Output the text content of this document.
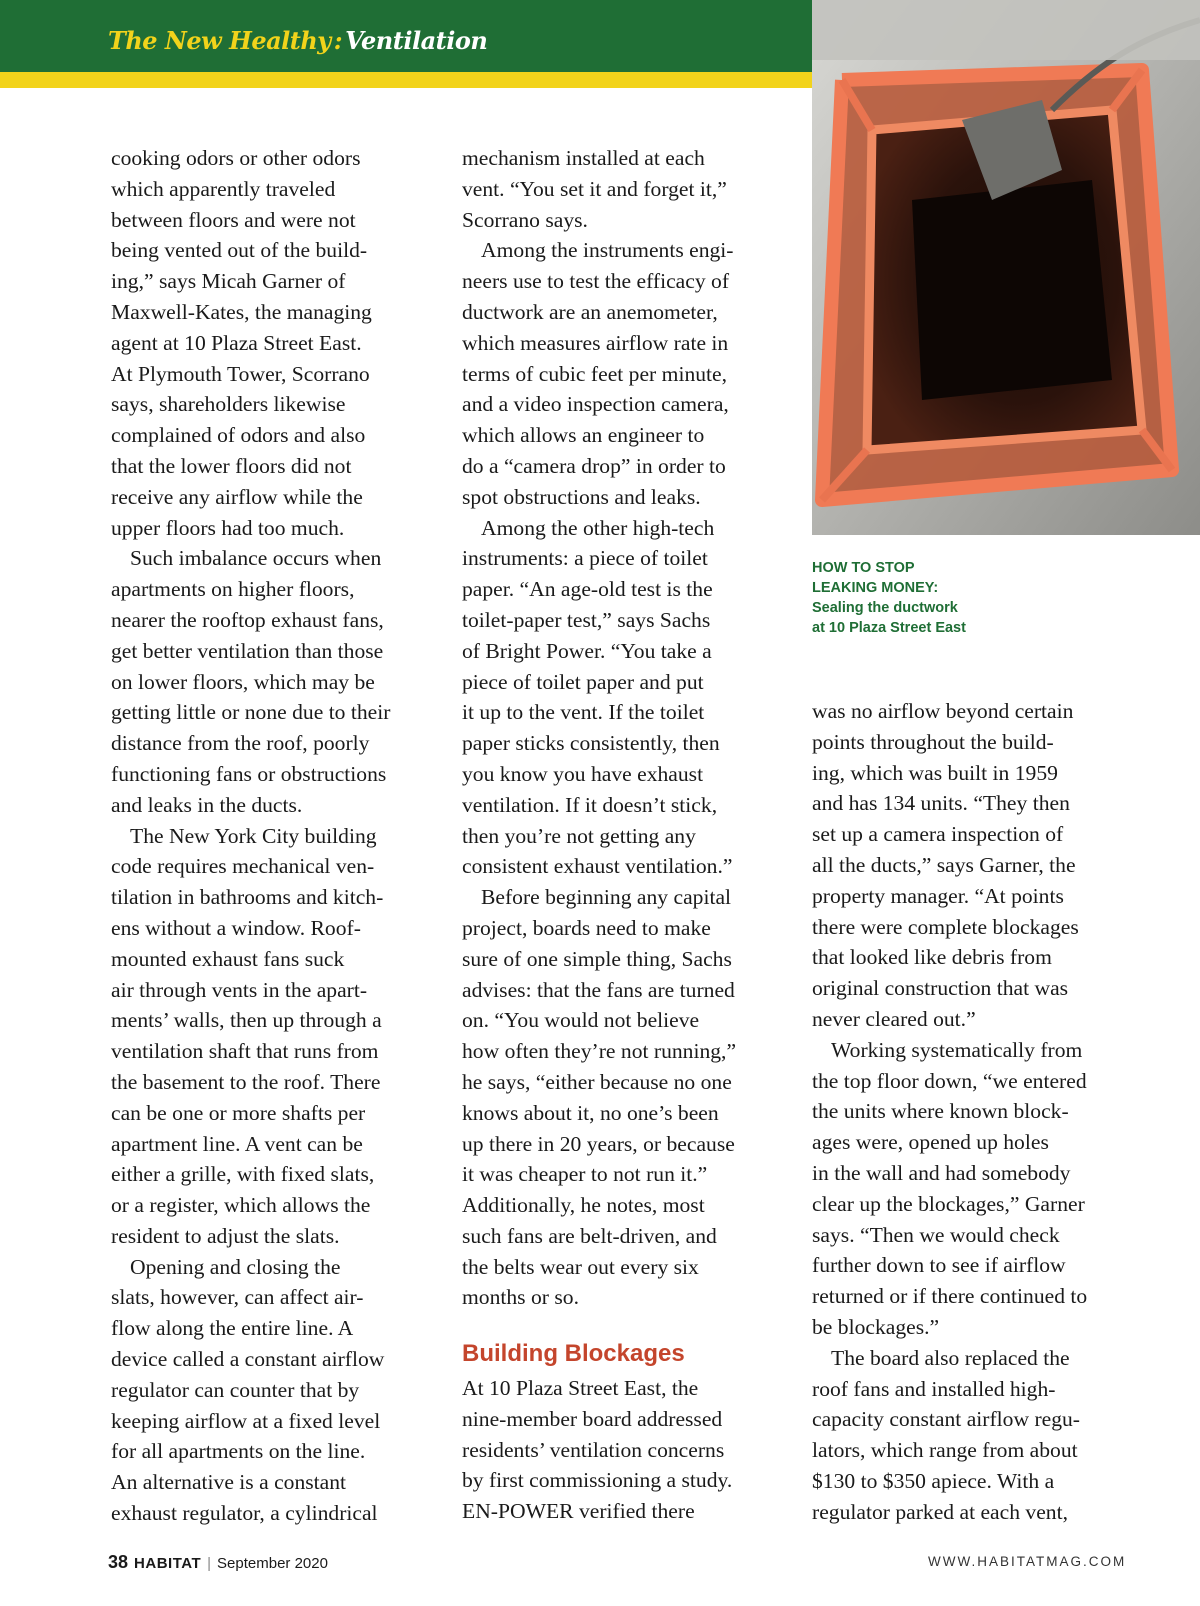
The New Healthy : Ventilation
HOW TO STOP
LEAKING MONEY:
Sealing the ductwork
at 10 Plaza Street East
cooking odors or other odors
which apparently traveled
between floors and were not
being vented out of the build-
ing,” says Micah Garner of
Maxwell-Kates, the managing
agent at 10 Plaza Street East.
At Plymouth Tower, Scorrano
says, shareholders likewise
complained of odors and also
that the lower floors did not
receive any airflow while the
upper floors had too much.
Such imbalance occurs when
apartments on higher floors,
nearer the rooftop exhaust fans,
get better ventilation than those
on lower floors, which may be
getting little or none due to their
distance from the roof, poorly
functioning fans or obstructions
and leaks in the ducts.
The New York City building
code requires mechanical ven-
tilation in bathrooms and kitch-
ens without a window. Roof-
mounted exhaust fans suck
air through vents in the apart-
ments’ walls, then up through a
ventilation shaft that runs from
the basement to the roof. There
can be one or more shafts per
apartment line. A vent can be
either a grille, with fixed slats,
or a register, which allows the
resident to adjust the slats.
Opening and closing the
slats, however, can affect air-
flow along the entire line. A
device called a constant airflow
regulator can counter that by
keeping airflow at a fixed level
for all apartments on the line.
An alternative is a constant
exhaust regulator, a cylindrical
mechanism installed at each
vent. “You set it and forget it,”
Scorrano says.
Among the instruments engi-
neers use to test the efficacy of
ductwork are an anemometer,
which measures airflow rate in
terms of cubic feet per minute,
and a video inspection camera,
which allows an engineer to
do a “camera drop” in order to
spot obstructions and leaks.
Among the other high-tech
instruments: a piece of toilet
paper. “An age-old test is the
toilet-paper test,” says Sachs
of Bright Power. “You take a
piece of toilet paper and put
it up to the vent. If the toilet
paper sticks consistently, then
you know you have exhaust
ventilation. If it doesn’t stick,
then you’re not getting any
consistent exhaust ventilation.”
Before beginning any capital
project, boards need to make
sure of one simple thing, Sachs
advises: that the fans are turned
on. “You would not believe
how often they’re not running,”
he says, “either because no one
knows about it, no one’s been
up there in 20 years, or because
it was cheaper to not run it.”
Additionally, he notes, most
such fans are belt-driven, and
the belts wear out every six
months or so.
Building Blockages
At 10 Plaza Street East, the
nine-member board addressed
residents’ ventilation concerns
by first commissioning a study.
EN-POWER verified there
was no airflow beyond certain
points throughout the build-
ing, which was built in 1959
and has 134 units. “They then
set up a camera inspection of
all the ducts,” says Garner, the
property manager. “At points
there were complete blockages
that looked like debris from
original construction that was
never cleared out.”
Working systematically from
the top floor down, “we entered
the units where known block-
ages were, opened up holes
in the wall and had somebody
clear up the blockages,” Garner
says. “Then we would check
further down to see if airflow
returned or if there continued to
be blockages.”
The board also replaced the
roof fans and installed high-
capacity constant airflow regu-
lators, which range from about
$130 to $350 apiece. With a
regulator parked at each vent,
38 HABITAT | September 2020	WWW.HABITATMAG.COM
